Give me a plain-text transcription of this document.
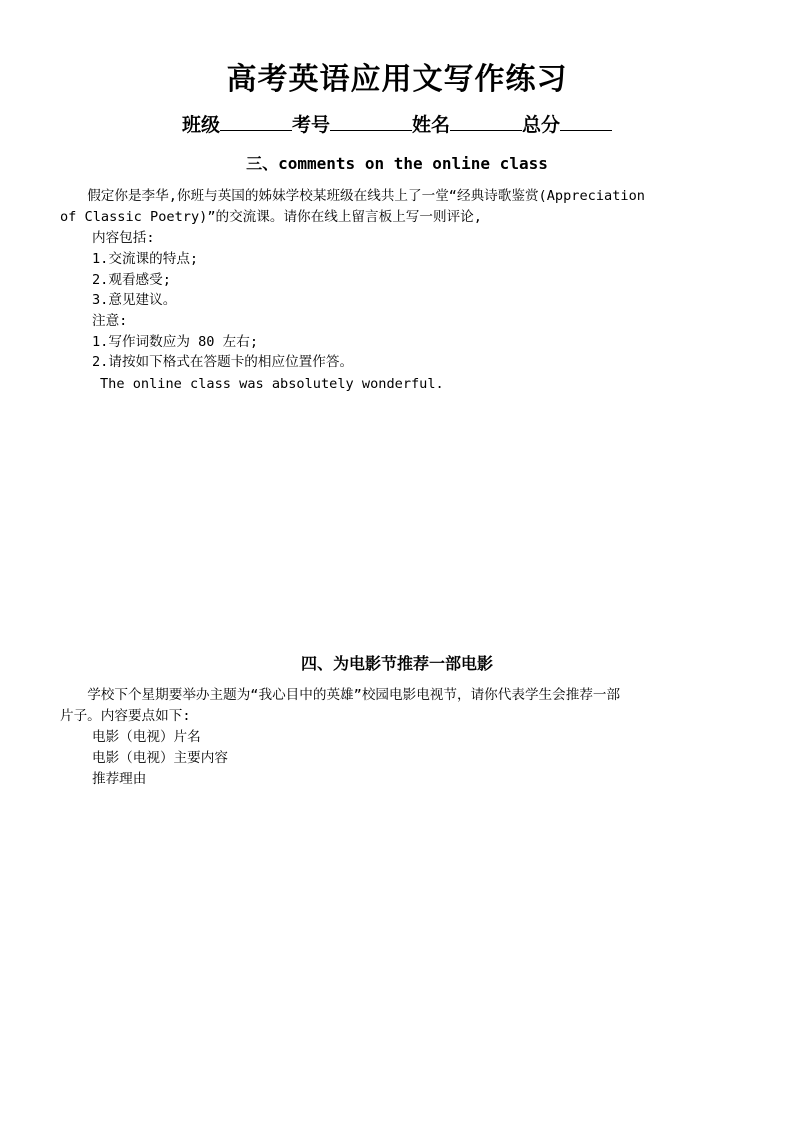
高考英语应用文写作练习
班级	考号	姓名	总分
三、comments on the online class
假定你是李华,你班与英国的姊妹学校某班级在线共上了一堂“经典诗歌鉴赏(Appreciation
of Classic Poetry)”的交流课。请你在线上留言板上写一则评论,
内容包括:
1.交流课的特点;
2.观看感受;
3.意见建议。
注意:
1.写作词数应为 80 左右;
2.请按如下格式在答题卡的相应位置作答。
The online class was absolutely wonderful.
四、为电影节推荐一部电影
学校下个星期要举办主题为“我心目中的英雄”校园电影电视节，请你代表学生会推荐一部
片子。内容要点如下:
电影（电视）片名
电影（电视）主要内容
推荐理由
